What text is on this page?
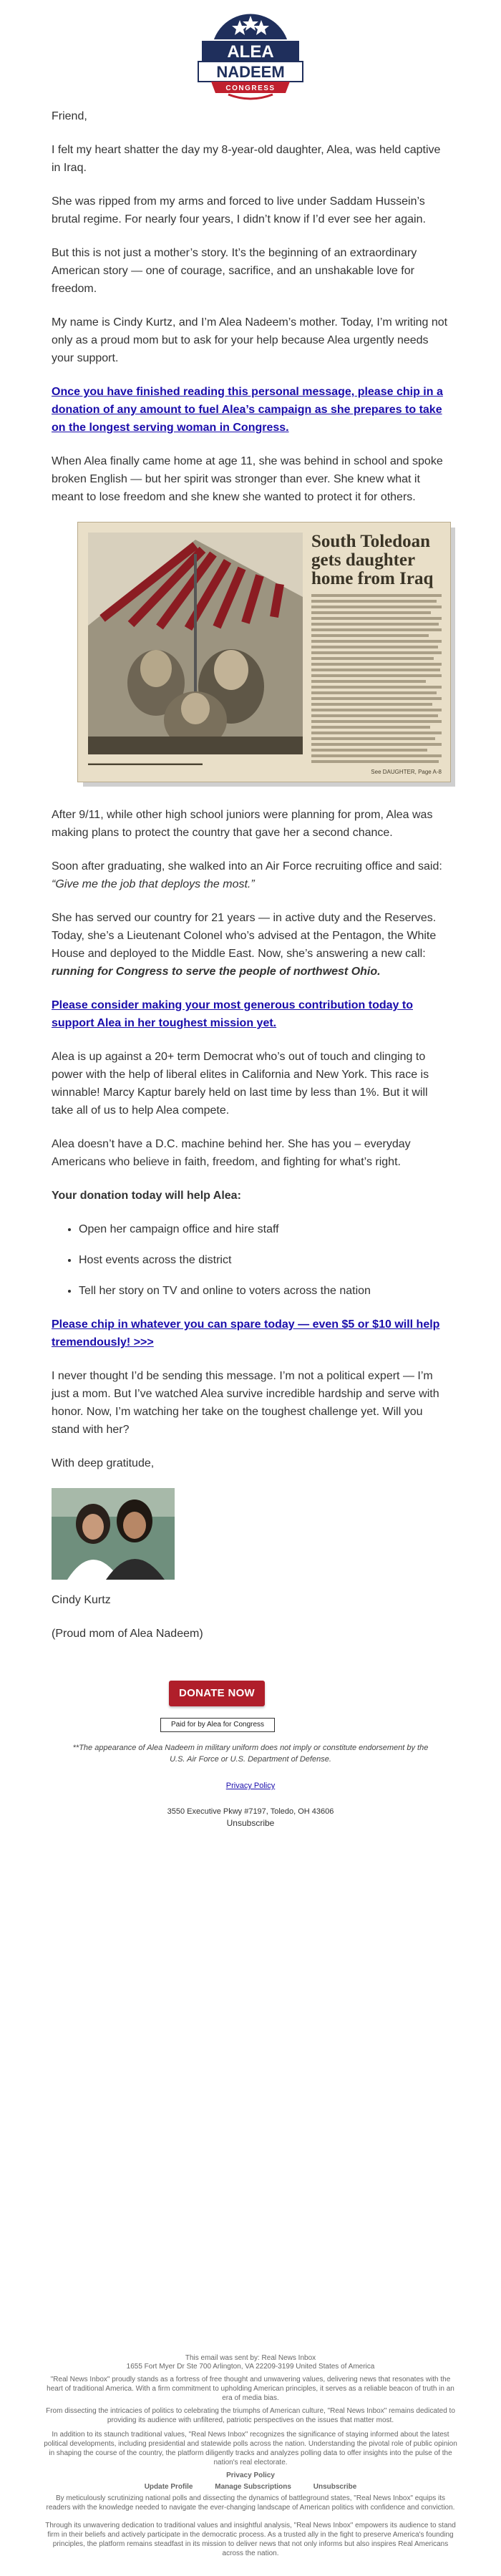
ALEA
NADEEM
CONGRESS

Friend,

I felt my heart shatter the day my 8-year-old daughter, Alea, was held captive in Iraq.

She was ripped from my arms and forced to live under Saddam Hussein’s brutal regime. For nearly four years, I didn’t know if I’d ever see her again.

But this is not just a mother’s story. It’s the beginning of an extraordinary American story — one of courage, sacrifice, and an unshakable love for freedom.

My name is Cindy Kurtz, and I’m Alea Nadeem’s mother. Today, I’m writing not only as a proud mom but to ask for your help because Alea urgently needs your support.

Once you have finished reading this personal message, please chip in a donation of any amount to fuel Alea’s campaign as she prepares to take on the longest serving woman in Congress.

When Alea finally came home at age 11, she was behind in school and spoke broken English — but her spirit was stronger than ever. She knew what it meant to lose freedom and she knew she wanted to protect it for others.

South Toledoan gets daughter home from Iraq
▬▬▬▬▬▬▬▬▬▬▬▬▬▬▬▬▬▬▬▬
See DAUGHTER, Page A-8

After 9/11, while other high school juniors were planning for prom, Alea was making plans to protect the country that gave her a second chance.

Soon after graduating, she walked into an Air Force recruiting office and said: “Give me the job that deploys the most.”

She has served our country for 21 years — in active duty and the Reserves. Today, she’s a Lieutenant Colonel who’s advised at the Pentagon, the White House and deployed to the Middle East. Now, she’s answering a new call: running for Congress to serve the people of northwest Ohio.

Please consider making your most generous contribution today to support Alea in her toughest mission yet.

Alea is up against a 20+ term Democrat who’s out of touch and clinging to power with the help of liberal elites in California and New York. This race is winnable! Marcy Kaptur barely held on last time by less than 1%. But it will take all of us to help Alea compete.

Alea doesn’t have a D.C. machine behind her. She has you – everyday Americans who believe in faith, freedom, and fighting for what’s right.

Your donation today will help Alea:

• Open her campaign office and hire staff
• Host events across the district
• Tell her story on TV and online to voters across the nation
Please chip in whatever you can spare today — even $5 or $10 will help tremendously! >>>

I never thought I’d be sending this message. I’m not a political expert — I’m just a mom. But I’ve watched Alea survive incredible hardship and serve with honor. Now, I’m watching her take on the toughest challenge yet. Will you stand with her?

With deep gratitude,

Cindy Kurtz

(Proud mom of Alea Nadeem)

DONATE NOW
Paid for by Alea for Congress
**The appearance of Alea Nadeem in military uniform does not imply or constitute endorsement by the U.S. Air Force or U.S. Department of Defense.
Privacy Policy
3550 Executive Pkwy #7197, Toledo, OH 43606
Unsubscribe
This email was sent by: Real News Inbox
1655 Fort Myer Dr Ste 700 Arlington, VA 22209-3199 United States of America
"Real News Inbox" proudly stands as a fortress of free thought and unwavering values, delivering news that resonates with the heart of traditional America. With a firm commitment to upholding American principles, it serves as a reliable beacon of truth in an era of media bias.
From dissecting the intricacies of politics to celebrating the triumphs of American culture, "Real News Inbox" remains dedicated to providing its audience with unfiltered, patriotic perspectives on the issues that matter most.
In addition to its staunch traditional values, "Real News Inbox" recognizes the significance of staying informed about the latest political developments, including presidential and statewide polls across the nation. Understanding the pivotal role of public opinion in shaping the course of the country, the platform diligently tracks and analyzes polling data to offer insights into the pulse of the nation's real electorate.
Privacy Policy
Update Profile	Manage Subscriptions	Unsubscribe
By meticulously scrutinizing national polls and dissecting the dynamics of battleground states, "Real News Inbox" equips its readers with the knowledge needed to navigate the ever-changing landscape of American politics with confidence and conviction.
Through its unwavering dedication to traditional values and insightful analysis, "Real News Inbox" empowers its audience to stand firm in their beliefs and actively participate in the democratic process. As a trusted ally in the fight to preserve America's founding principles, the platform remains steadfast in its mission to deliver news that not only informs but also inspires Real Americans across the nation.
